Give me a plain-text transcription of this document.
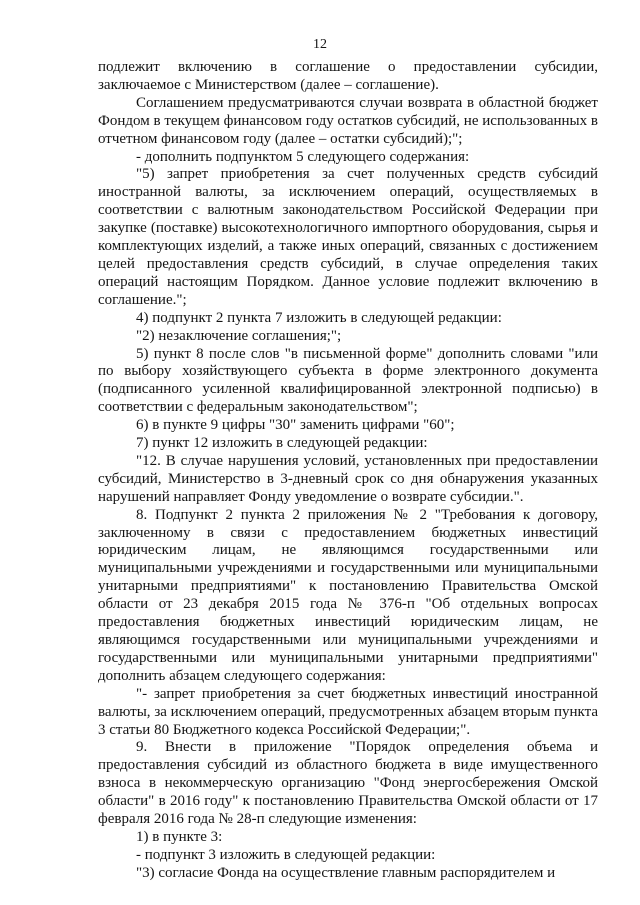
12

подлежит включению в соглашение о предоставлении субсидии, заключаемое с Министерством (далее – соглашение).

Соглашением предусматриваются случаи возврата в областной бюджет Фондом в текущем финансовом году остатков субсидий, не использованных в отчетном финансовом году (далее – остатки субсидий);";

- дополнить подпунктом 5 следующего содержания:

"5) запрет приобретения за счет полученных средств субсидий иностранной валюты, за исключением операций, осуществляемых в соответствии с валютным законодательством Российской Федерации при закупке (поставке) высокотехнологичного импортного оборудования, сырья и комплектующих изделий, а также иных операций, связанных с достижением целей предоставления средств субсидий, в случае определения таких операций настоящим Порядком. Данное условие подлежит включению в соглашение.";

4) подпункт 2 пункта 7 изложить в следующей редакции:

"2) незаключение соглашения;";

5) пункт 8 после слов "в письменной форме" дополнить словами "или по выбору хозяйствующего субъекта в форме электронного документа (подписанного усиленной квалифицированной электронной подписью) в соответствии с федеральным законодательством";

6) в пункте 9 цифры "30" заменить цифрами "60";

7) пункт 12 изложить в следующей редакции:

"12. В случае нарушения условий, установленных при предоставлении субсидий, Министерство в 3-дневный срок со дня обнаружения указанных нарушений направляет Фонду уведомление о возврате субсидии.".

8. Подпункт 2 пункта 2 приложения № 2 "Требования к договору, заключенному в связи с предоставлением бюджетных инвестиций юридическим лицам, не являющимся государственными или муниципальными учреждениями и государственными или муниципальными унитарными предприятиями" к постановлению Правительства Омской области от 23 декабря 2015 года № 376-п "Об отдельных вопросах предоставления бюджетных инвестиций юридическим лицам, не являющимся государственными или муниципальными учреждениями и государственными или муниципальными унитарными предприятиями" дополнить абзацем следующего содержания:

"- запрет приобретения за счет бюджетных инвестиций иностранной валюты, за исключением операций, предусмотренных абзацем вторым пункта 3 статьи 80 Бюджетного кодекса Российской Федерации;".

9. Внести в приложение "Порядок определения объема и предоставления субсидий из областного бюджета в виде имущественного взноса в некоммерческую организацию "Фонд энергосбережения Омской области" в 2016 году" к постановлению Правительства Омской области от 17 февраля 2016 года № 28-п следующие изменения:

1) в пункте 3:

- подпункт 3 изложить в следующей редакции:

"3) согласие Фонда на осуществление главным распорядителем и
